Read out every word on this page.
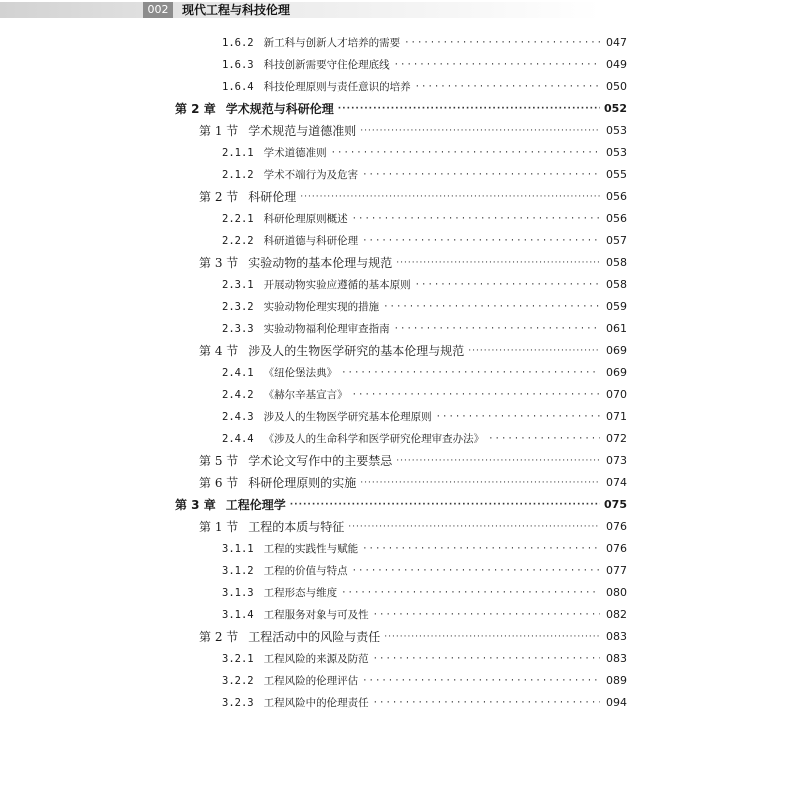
002	现代工程与科技伦理
1.6.2 新工科与创新人才培养的需要 ·····	047
1.6.3 科技创新需要守住伦理底线 ·····	049
1.6.4 科技伦理原则与责任意识的培养 ·····	050
第 2 章 学术规范与科研伦理 ·····	052
第 1 节 学术规范与道德准则 ·····	053
2.1.1 学术道德准则 ·····	053
2.1.2 学术不端行为及危害 ·····	055
第 2 节 科研伦理 ·····	056
2.2.1 科研伦理原则概述 ·····	056
2.2.2 科研道德与科研伦理 ·····	057
第 3 节 实验动物的基本伦理与规范 ·····	058
2.3.1 开展动物实验应遵循的基本原则 ·····	058
2.3.2 实验动物伦理实现的措施 ·····	059
2.3.3 实验动物福利伦理审查指南 ·····	061
第 4 节 涉及人的生物医学研究的基本伦理与规范 ·····	069
2.4.1 《纽伦堡法典》 ·····	069
2.4.2 《赫尔辛基宣言》 ·····	070
2.4.3 涉及人的生物医学研究基本伦理原则 ·····	071
2.4.4 《涉及人的生命科学和医学研究伦理审查办法》 ·····	072
第 5 节 学术论文写作中的主要禁忌 ·····	073
第 6 节 科研伦理原则的实施 ·····	074
第 3 章 工程伦理学 ·····	075
第 1 节 工程的本质与特征 ·····	076
3.1.1 工程的实践性与赋能 ·····	076
3.1.2 工程的价值与特点 ·····	077
3.1.3 工程形态与维度 ·····	080
3.1.4 工程服务对象与可及性 ·····	082
第 2 节 工程活动中的风险与责任 ·····	083
3.2.1 工程风险的来源及防范 ·····	083
3.2.2 工程风险的伦理评估 ·····	089
3.2.3 工程风险中的伦理责任 ·····	094
